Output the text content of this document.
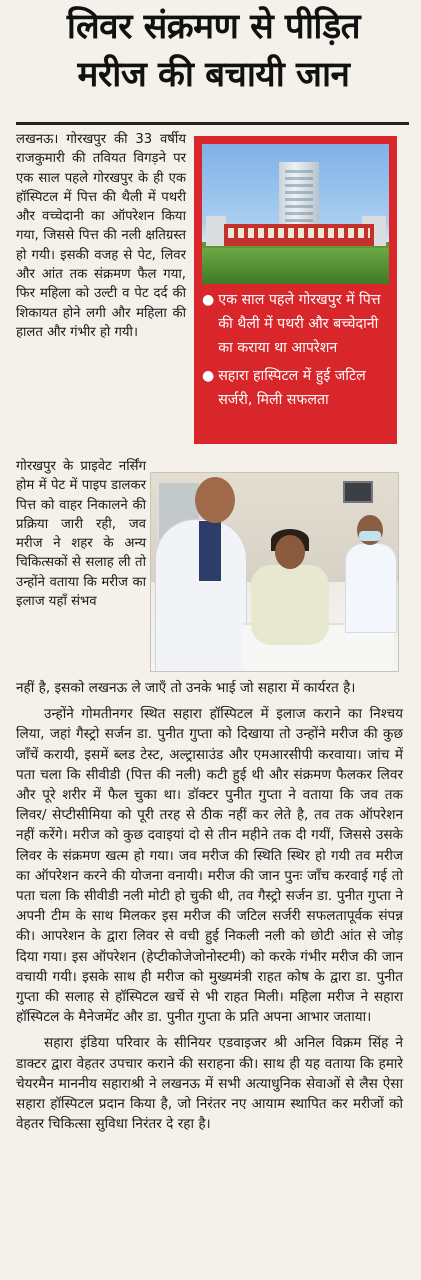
लिवर संक्रमण से पीड़ित
मरीज की बचायी जान

लखनऊ। गोरखपुर की 33 वर्षीय राजकुमारी की तवियत विगड़ने पर एक साल पहले गोरखपुर के ही एक हॉस्पिटल में पित्त की थैली में पथरी और वच्चेदानी का ऑपरेशन किया गया, जिससे पित्त की नली क्षतिग्रस्त हो गयी। इसकी वजह से पेट, लिवर और आंत तक संक्रमण फैल गया, फिर महिला को उल्टी व पेट दर्द की शिकायत होने लगी और महिला की हालत और गंभीर हो गयी।

● एक साल पहले गोरखपुर में पित्त की थैली में पथरी और बच्चेदानी का कराया था आपरेशन
● सहारा हास्पिटल में हुई जटिल सर्जरी, मिली सफलता

गोरखपुर के प्राइवेट नर्सिंग होम में पेट में पाइप डालकर पित्त को वाहर निकालने की प्रक्रिया जारी रही, जव मरीज ने शहर के अन्य चिकित्सकों से सलाह ली तो उन्होंने वताया कि मरीज का इलाज यहाँ संभव

नहीं है, इसको लखनऊ ले जाएँ तो उनके भाई जो सहारा में कार्यरत है।

उन्होंने गोमतीनगर स्थित सहारा हॉस्पिटल में इलाज कराने का निश्चय लिया, जहां गैस्ट्रो सर्जन डा. पुनीत गुप्ता को दिखाया तो उन्होंने मरीज की कुछ जाँचें करायी, इसमें ब्लड टेस्ट, अल्ट्रासाउंड और एमआरसीपी करवाया। जांच में पता चला कि सीवीडी (पित्त की नली) कटी हुई थी और संक्रमण फैलकर लिवर और पूरे शरीर में फैल चुका था। डॉक्टर पुनीत गुप्ता ने वताया कि जव तक लिवर/ सेप्टीसीमिया को पूरी तरह से ठीक नहीं कर लेते है, तव तक ऑपरेशन नहीं करेंगे। मरीज को कुछ दवाइयां दो से तीन महीने तक दी गयीं, जिससे उसके लिवर के संक्रमण खत्म हो गया। जव मरीज की स्थिति स्थिर हो गयी तव मरीज का ऑपरेशन करने की योजना वनायी। मरीज की जान पुनः जाँच करवाई गई तो पता चला कि सीवीडी नली मोटी हो चुकी थी, तव गैस्ट्रो सर्जन डा. पुनीत गुप्ता ने अपनी टीम के साथ मिलकर इस मरीज की जटिल सर्जरी सफलतापूर्वक संपन्न की। आपरेशन के द्वारा लिवर से वची हुई निकली नली को छोटी आंत से जोड़ दिया गया। इस ऑपरेशन (हेप्टीकोजेजोनोस्टमी) को करके गंभीर मरीज की जान वचायी गयी। इसके साथ ही मरीज को मुख्यमंत्री राहत कोष के द्वारा डा. पुनीत गुप्ता की सलाह से हॉस्पिटल खर्चे से भी राहत मिली। महिला मरीज ने सहारा हॉस्पिटल के मैनेजमेंट और डा. पुनीत गुप्ता के प्रति अपना आभार जताया।

सहारा इंडिया परिवार के सीनियर एडवाइजर श्री अनिल विक्रम सिंह ने डाक्टर द्वारा वेहतर उपचार कराने की सराहना की। साथ ही यह वताया कि हमारे चेयरमैन माननीय सहाराश्री ने लखनऊ में सभी अत्याधुनिक सेवाओं से लैस ऐसा सहारा हॉस्पिटल प्रदान किया है, जो निरंतर नए आयाम स्थापित कर मरीजों को वेहतर चिकित्सा सुविधा निरंतर दे रहा है।
